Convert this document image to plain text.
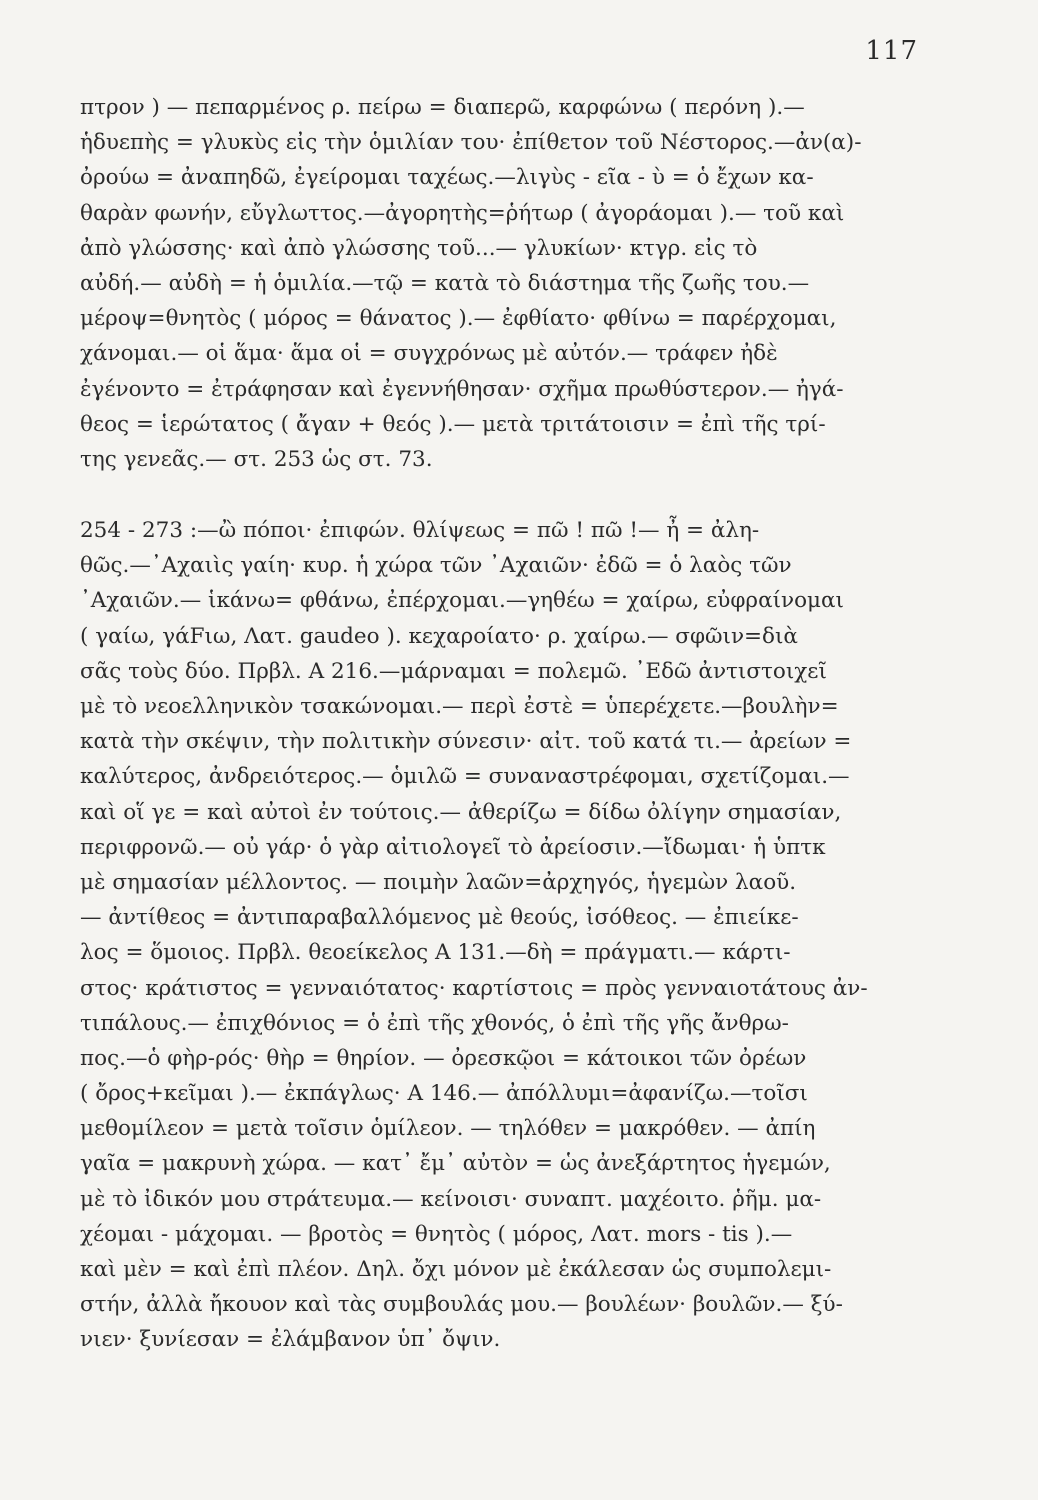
117
πτρον ) — πεπαρμένος ρ. πείρω = διαπερῶ, καρφώνω ( περόνη ).—
ἡδυεπὴς = γλυκὺς εἰς τὴν ὁμιλίαν του· ἐπίθετον τοῦ Νέστορος.—ἀν(α)-
ὀρούω = ἀναπηδῶ, ἐγείρομαι ταχέως.—λιγὺς - εῖα - ὺ = ὁ ἔχων κα-
θαρὰν φωνήν, εὔγλωττος.—ἀγορητὴς=ῥήτωρ ( ἀγοράομαι ).— τοῦ καὶ
ἀπὸ γλώσσης· καὶ ἀπὸ γλώσσης τοῦ...— γλυκίων· κτγρ. εἰς τὸ
αὐδή.— αὐδὴ = ἡ ὁμιλία.—τῷ = κατὰ τὸ διάστημα τῆς ζωῆς του.—
μέροψ=θνητὸς ( μόρος = θάνατος ).— ἐφθίατο· φθίνω = παρέρχομαι,
χάνομαι.— οἱ ἅμα· ἅμα οἱ = συγχρόνως μὲ αὐτόν.— τράφεν ἠδὲ
ἐγένοντο = ἐτράφησαν καὶ ἐγεννήθησαν· σχῆμα πρωθύστερον.— ἠγά-
θεος = ἱερώτατος ( ἄγαν + θεός ).— μετὰ τριτάτοισιν = ἐπὶ τῆς τρί-
της γενεᾶς.— στ. 253 ὡς στ. 73.
254 - 273 :—ὢ πόποι· ἐπιφών. θλίψεως = πῶ ! πῶ !— ἦ = ἀλη-
θῶς.—᾿Αχαιὶς γαίη· κυρ. ἡ χώρα τῶν ᾿Αχαιῶν· ἐδῶ = ὁ λαὸς τῶν
᾿Αχαιῶν.— ἱκάνω= φθάνω, ἐπέρχομαι.—γηθέω = χαίρω, εὐφραίνομαι
( γαίω, γάFιω, Λατ. gaudeo ). κεχαροίατο· ρ. χαίρω.— σφῶιν=διὰ
σᾶς τοὺς δύο. Πρβλ. Α 216.—μάρναμαι = πολεμῶ. ᾿Εδῶ ἀντιστοιχεῖ
μὲ τὸ νεοελληνικὸν τσακώνομαι.— περὶ ἐστὲ = ὑπερέχετε.—βουλὴν=
κατὰ τὴν σκέψιν, τὴν πολιτικὴν σύνεσιν· αἰτ. τοῦ κατά τι.— ἀρείων =
καλύτερος, ἀνδρειότερος.— ὁμιλῶ = συναναστρέφομαι, σχετίζομαι.—
καὶ οἵ γε = καὶ αὐτοὶ ἐν τούτοις.— ἀθερίζω = δίδω ὀλίγην σημασίαν,
περιφρονῶ.— οὐ γάρ· ὁ γὰρ αἰτιολογεῖ τὸ ἀρείοσιν.—ἴδωμαι· ἡ ὑπτκ
μὲ σημασίαν μέλλοντος. — ποιμὴν λαῶν=ἀρχηγός, ἡγεμὼν λαοῦ.
— ἀντίθεος = ἀντιπαραβαλλόμενος μὲ θεούς, ἰσόθεος. — ἐπιείκε-
λος = ὅμοιος. Πρβλ. θεοείκελος Α 131.—δὴ = πράγματι.— κάρτι-
στος· κράτιστος = γενναιότατος· καρτίστοις = πρὸς γενναιοτάτους ἀν-
τιπάλους.— ἐπιχθόνιος = ὁ ἐπὶ τῆς χθονός, ὁ ἐπὶ τῆς γῆς ἄνθρω-
πος.—ὁ φὴρ-ρός· θὴρ = θηρίον. — ὀρεσκῷοι = κάτοικοι τῶν ὀρέων
( ὄρος+κεῖμαι ).— ἐκπάγλως· Α 146.— ἀπόλλυμι=ἀφανίζω.—τοῖσι
μεθομίλεον = μετὰ τοῖσιν ὁμίλεον. — τηλόθεν = μακρόθεν. — ἀπίη
γαῖα = μακρυνὴ χώρα. — κατ᾿ ἔμ᾿ αὐτὸν = ὡς ἀνεξάρτητος ἡγεμών,
μὲ τὸ ἰδικόν μου στράτευμα.— κείνοισι· συναπτ. μαχέοιτο. ῥῆμ. μα-
χέομαι - μάχομαι. — βροτὸς = θνητὸς ( μόρος, Λατ. mors - tis ).—
καὶ μὲν = καὶ ἐπὶ πλέον. Δηλ. ὄχι μόνον μὲ ἐκάλεσαν ὡς συμπολεμι-
στήν, ἀλλὰ ἤκουον καὶ τὰς συμβουλάς μου.— βουλέων· βουλῶν.— ξύ-
νιεν· ξυνίεσαν = ἐλάμβανον ὑπ᾿ ὄψιν.
